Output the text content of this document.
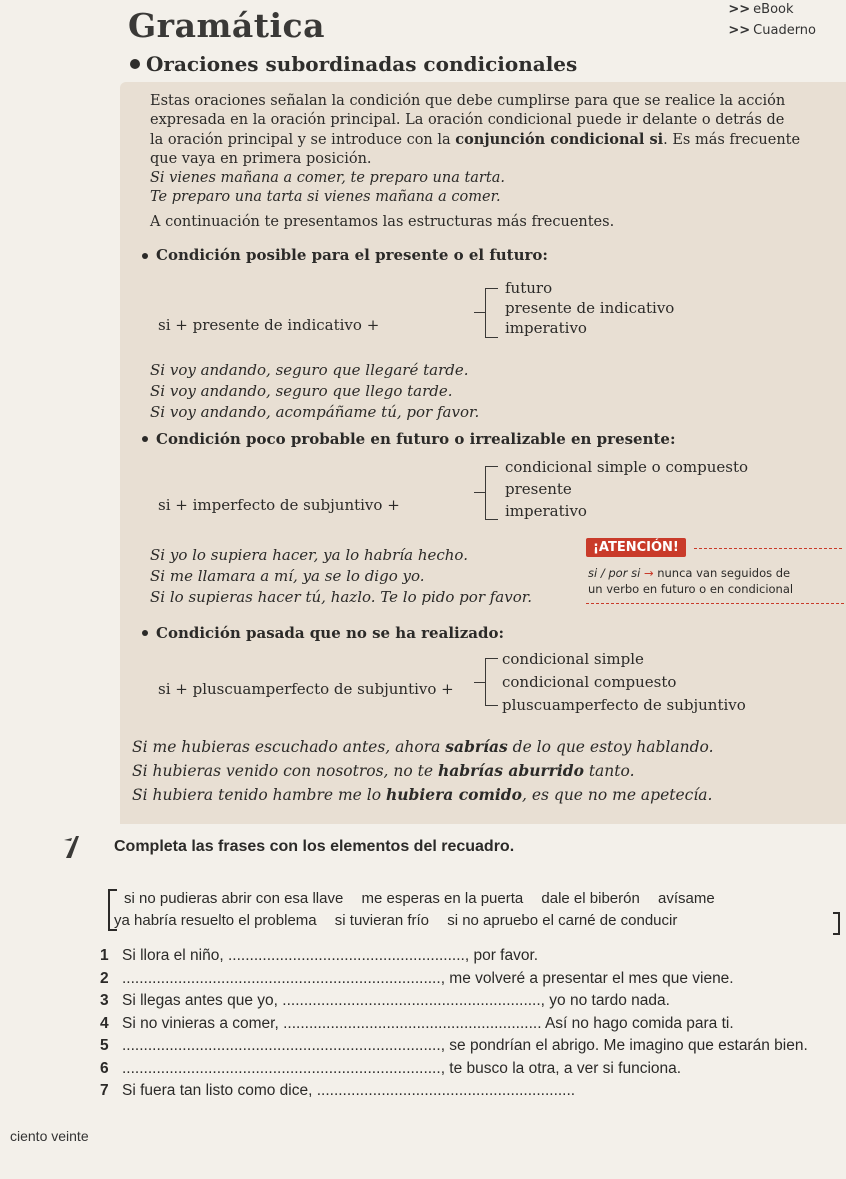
Gramática	>> eBook
>> Cuaderno
Oraciones subordinadas condicionales

Estas oraciones señalan la condición que debe cumplirse para que se realice la acción

expresada en la oración principal. La oración condicional puede ir delante o detrás de

la oración principal y se introduce con la conjunción condicional si. Es más frecuente

que vaya en primera posición.

Si vienes mañana a comer, te preparo una tarta.

Te preparo una tarta si vienes mañana a comer.

A continuación te presentamos las estructuras más frecuentes.

Condición posible para el presente o el futuro:
si + presente de indicativo +
futuro
presente de indicativo
imperativo
Si voy andando, seguro que llegaré tarde.
Si voy andando, seguro que llego tarde.
Si voy andando, acompáñame tú, por favor.
Condición poco probable en futuro o irrealizable en presente:
si + imperfecto de subjuntivo +
condicional simple o compuesto
presente
imperativo
Si yo lo supiera hacer, ya lo habría hecho.
Si me llamara a mí, ya se lo digo yo.
Si lo supieras hacer tú, hazlo. Te lo pido por favor.
¡ATENCIÓN!
si / por si → nunca van seguidos de
un verbo en futuro o en condicional
Condición pasada que no se ha realizado:
si + pluscuamperfecto de subjuntivo +
condicional simple
condicional compuesto
pluscuamperfecto de subjuntivo
Si me hubieras escuchado antes, ahora sabrías de lo que estoy hablando.
Si hubieras venido con nosotros, no te habrías aburrido tanto.
Si hubiera tenido hambre me lo hubiera comido, es que no me apetecía.
Completa las frases con los elementos del recuadro.
si no pudieras abrir con esa llave me esperas en la puerta dale el biberón avísame
ya habría resuelto el problema si tuvieran frío si no apruebo el carné de conducir
1 Si llora el niño, ......................................................., por favor.
2 .........................................................................., me volveré a presentar el mes que viene.
3 Si llegas antes que yo, ............................................................, yo no tardo nada.
4 Si no vinieras a comer, ............................................................ Así no hago comida para ti.
5 .........................................................................., se pondrían el abrigo. Me imagino que estarán bien.
6 .........................................................................., te busco la otra, a ver si funciona.
7 Si fuera tan listo como dice, ............................................................
ciento veinte
